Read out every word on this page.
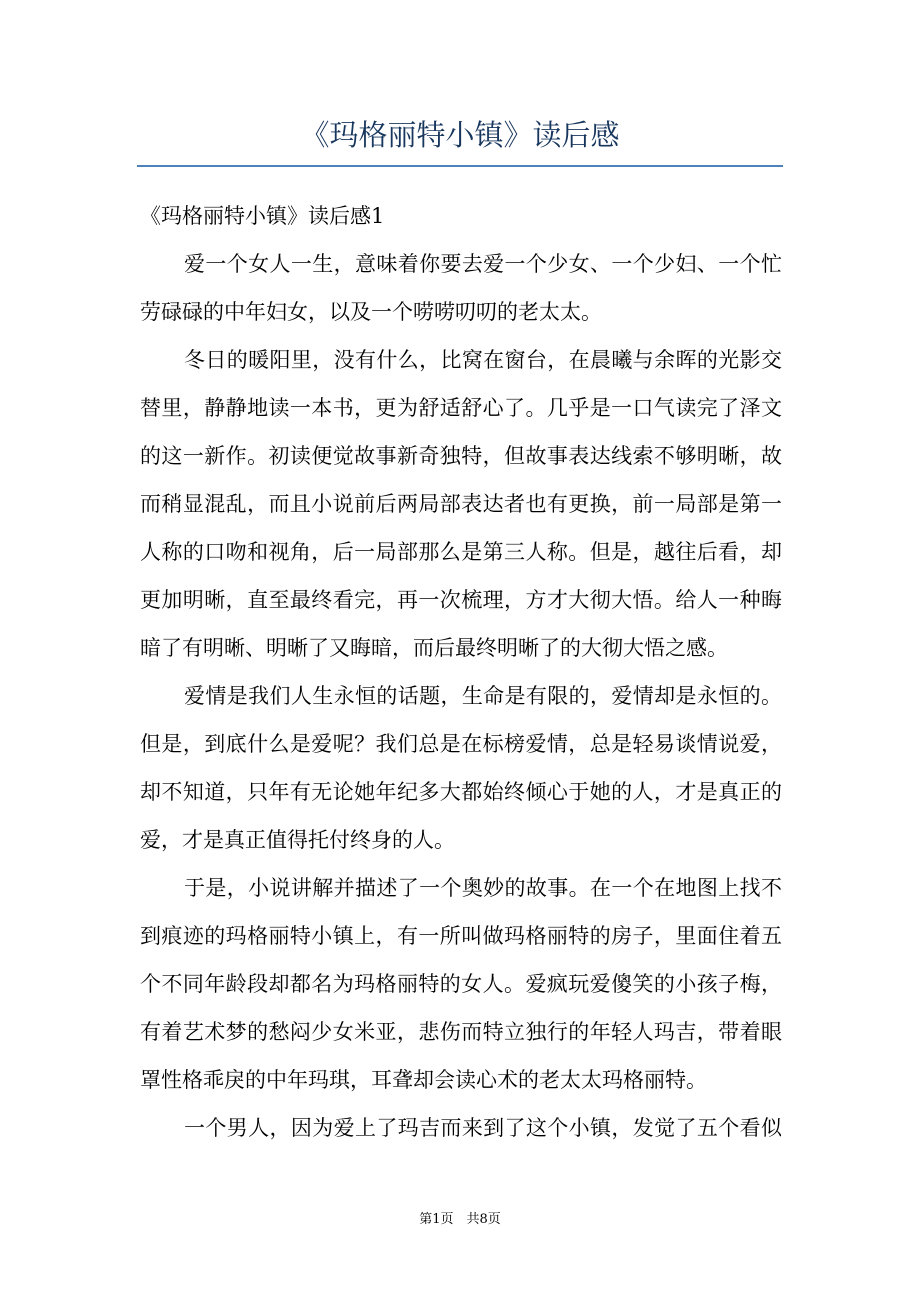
《玛格丽特小镇》读后感
《玛格丽特小镇》读后感1
爱一个女人一生，意味着你要去爱一个少女、一个少妇、一个忙
劳碌碌的中年妇女，以及一个唠唠叨叨的老太太。
冬日的暖阳里，没有什么，比窝在窗台，在晨曦与余晖的光影交
替里，静静地读一本书，更为舒适舒心了。几乎是一口气读完了泽文
的这一新作。初读便觉故事新奇独特，但故事表达线索不够明晰，故
而稍显混乱，而且小说前后两局部表达者也有更换，前一局部是第一
人称的口吻和视角，后一局部那么是第三人称。但是，越往后看，却
更加明晰，直至最终看完，再一次梳理，方才大彻大悟。给人一种晦
暗了有明晰、明晰了又晦暗，而后最终明晰了的大彻大悟之感。
爱情是我们人生永恒的话题，生命是有限的，爱情却是永恒的。
但是，到底什么是爱呢？我们总是在标榜爱情，总是轻易谈情说爱，
却不知道，只年有无论她年纪多大都始终倾心于她的人，才是真正的
爱，才是真正值得托付终身的人。
于是，小说讲解并描述了一个奥妙的故事。在一个在地图上找不
到痕迹的玛格丽特小镇上，有一所叫做玛格丽特的房子，里面住着五
个不同年龄段却都名为玛格丽特的女人。爱疯玩爱傻笑的小孩子梅，
有着艺术梦的愁闷少女米亚，悲伤而特立独行的年轻人玛吉，带着眼
罩性格乖戾的中年玛琪，耳聋却会读心术的老太太玛格丽特。
一个男人，因为爱上了玛吉而来到了这个小镇，发觉了五个看似
第1页　共8页
